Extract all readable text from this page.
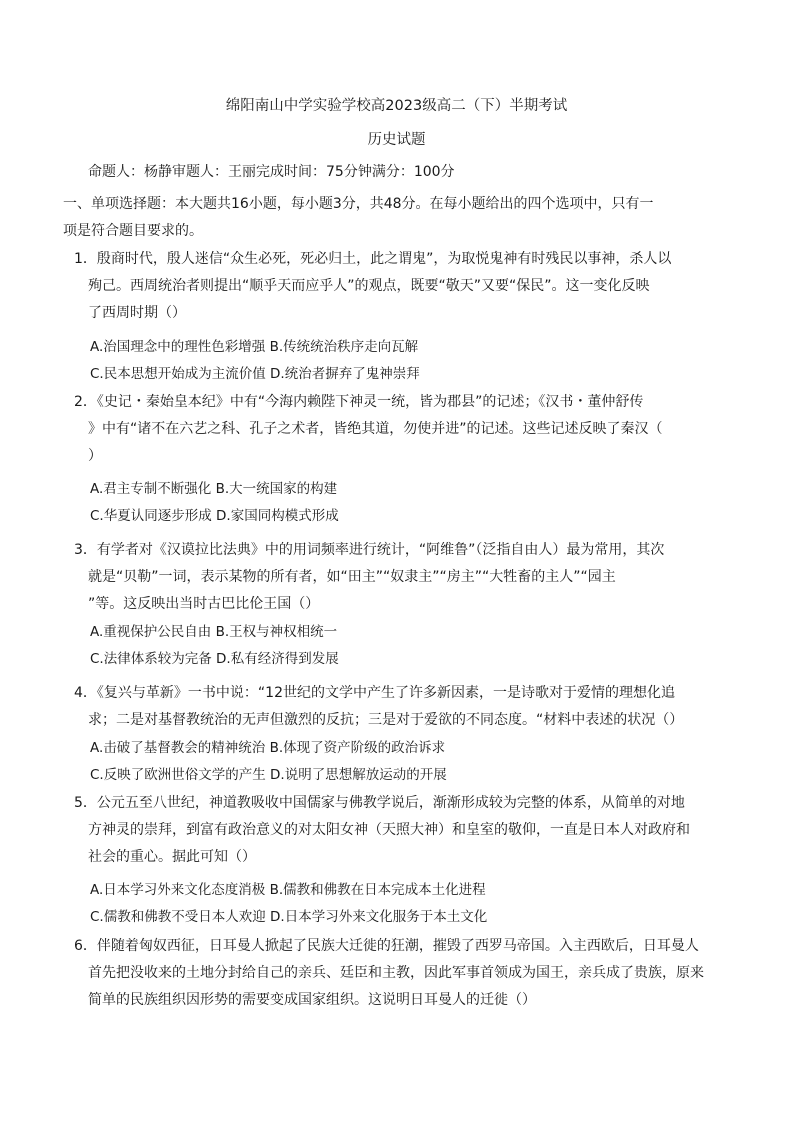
绵阳南山中学实验学校高2023级高二（下）半期考试
历史试题
命题人：杨静审题人：王丽完成时间：75分钟满分：100分
一、单项选择题：本大题共16小题，每小题3分，共48分。在每小题给出的四个选项中，只有一
项是符合题目要求的。
1．殷商时代，殷人迷信“众生必死，死必归土，此之谓鬼”，为取悦鬼神有时残民以事神，杀人以
殉己。西周统治者则提出“顺乎天而应乎人”的观点，既要“敬天”又要“保民”。这一变化反映
了西周时期（）
A.治国理念中的理性色彩增强 B.传统统治秩序走向瓦解
C.民本思想开始成为主流价值 D.统治者摒弃了鬼神崇拜
2．《史记・秦始皇本纪》中有“今海内赖陛下神灵一统，皆为郡县”的记述；《汉书・董仲舒传
》中有“诸不在六艺之科、孔子之术者，皆绝其道，勿使并进”的记述。这些记述反映了秦汉（
）
A.君主专制不断强化 B.大一统国家的构建
C.华夏认同逐步形成 D.家国同构模式形成
3．有学者对《汉谟拉比法典》中的用词频率进行统计，“阿维鲁”（泛指自由人）最为常用，其次
就是“贝勒”一词，表示某物的所有者，如“田主”“奴隶主”“房主”“大牲畜的主人”“园主
”等。这反映出当时古巴比伦王国（）
A.重视保护公民自由 B.王权与神权相统一
C.法律体系较为完备 D.私有经济得到发展
4．《复兴与革新》一书中说：“12世纪的文学中产生了许多新因素，一是诗歌对于爱情的理想化追
求；二是对基督教统治的无声但激烈的反抗；三是对于爱欲的不同态度。“材料中表述的状况（）
A.击破了基督教会的精神统治 B.体现了资产阶级的政治诉求
C.反映了欧洲世俗文学的产生 D.说明了思想解放运动的开展
5．公元五至八世纪，神道教吸收中国儒家与佛教学说后，渐渐形成较为完整的体系，从简单的对地
方神灵的崇拜，到富有政治意义的对太阳女神（天照大神）和皇室的敬仰，一直是日本人对政府和
社会的重心。据此可知（）
A.日本学习外来文化态度消极 B.儒教和佛教在日本完成本土化进程
C.儒教和佛教不受日本人欢迎 D.日本学习外来文化服务于本土文化
6．伴随着匈奴西征，日耳曼人掀起了民族大迁徙的狂潮，摧毁了西罗马帝国。入主西欧后，日耳曼人
首先把没收来的土地分封给自己的亲兵、廷臣和主教，因此军事首领成为国王，亲兵成了贵族，原来
简单的民族组织因形势的需要变成国家组织。这说明日耳曼人的迁徙（）
